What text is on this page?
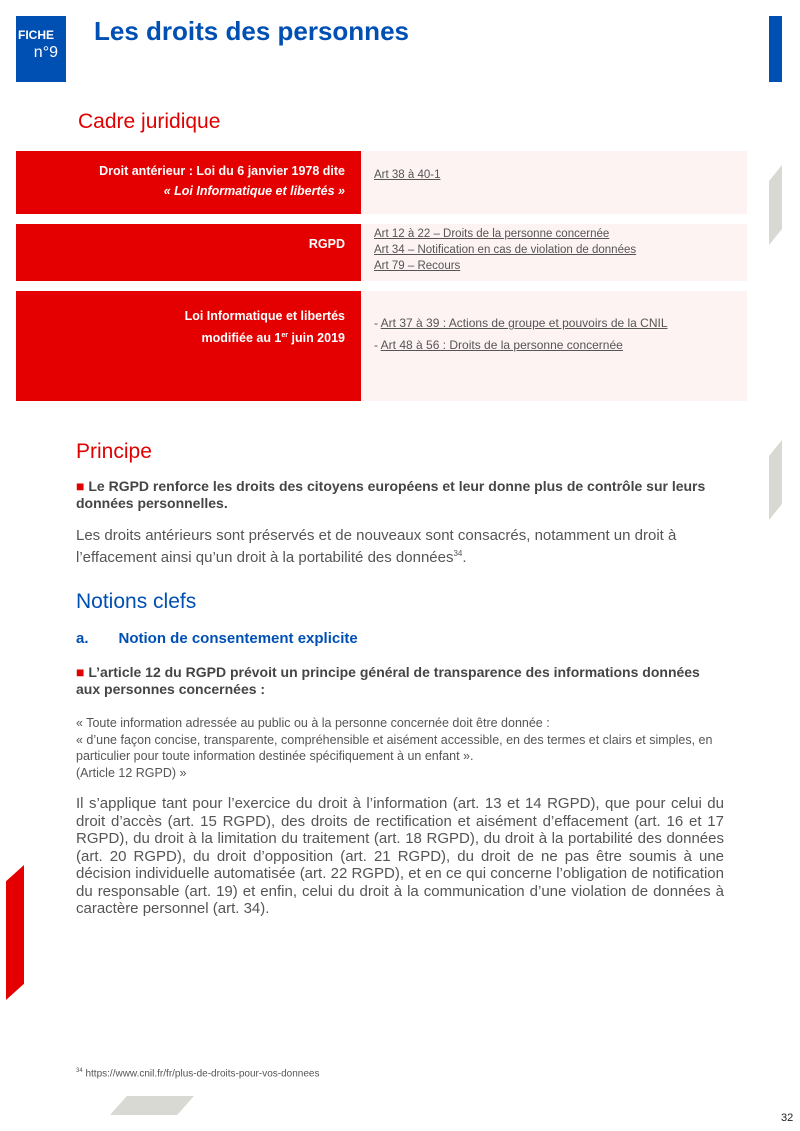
FICHE
n°9
Les droits des personnes
Cadre juridique
Droit antérieur : Loi du 6 janvier 1978 dite
« Loi Informatique et libertés »
Art 38 à 40-1
RGPD
Art 12 à 22 – Droits de la personne concernée
Art 34 – Notification en cas de violation de données
Art 79 – Recours
Loi Informatique et libertés
modifiée au 1er juin 2019
- Art 37 à 39 : Actions de groupe et pouvoirs de la CNIL
- Art 48 à 56 : Droits de la personne concernée
Principe
■ Le RGPD renforce les droits des citoyens européens et leur donne plus de contrôle sur leurs données personnelles.
Les droits antérieurs sont préservés et de nouveaux sont consacrés, notamment un droit à l’effacement ainsi qu’un droit à la portabilité des données$^{34}$.
Notions clefs
a. Notion de consentement explicite
■ L’article 12 du RGPD prévoit un principe général de transparence des informations données aux personnes concernées :
« Toute information adressée au public ou à la personne concernée doit être donnée :
« d’une façon concise, transparente, compréhensible et aisément accessible, en des termes et clairs et simples, en particulier pour toute information destinée spécifiquement à un enfant ».
(Article 12 RGPD) »
Il s’applique tant pour l’exercice du droit à l’information (art. 13 et 14 RGPD), que pour celui du droit d’accès (art. 15 RGPD), des droits de rectification et aisément d’effacement (art. 16 et 17 RGPD), du droit à la limitation du traitement (art. 18 RGPD), du droit à la portabilité des données (art. 20 RGPD), du droit d’opposition (art. 21 RGPD), du droit de ne pas être soumis à une décision individuelle automatisée (art. 22 RGPD), et en ce qui concerne l’obligation de notification du responsable (art. 19) et enfin, celui du droit à la communication d’une violation de données à caractère personnel (art. 34).
$^{34}$ https://www.cnil.fr/fr/plus-de-droits-pour-vos-donnees
32
